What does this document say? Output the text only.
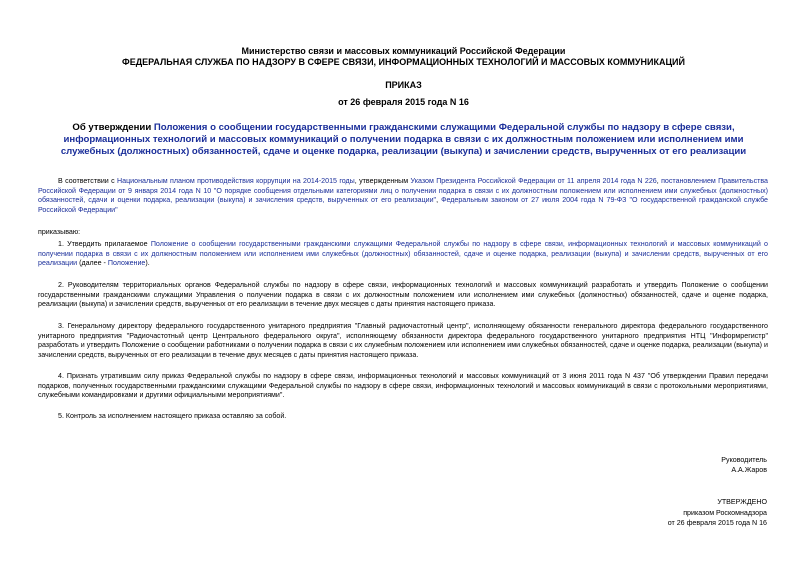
Министерство связи и массовых коммуникаций Российской Федерации
ФЕДЕРАЛЬНАЯ СЛУЖБА ПО НАДЗОРУ В СФЕРЕ СВЯЗИ, ИНФОРМАЦИОННЫХ ТЕХНОЛОГИЙ И МАССОВЫХ КОММУНИКАЦИЙ
ПРИКАЗ
от 26 февраля 2015 года N 16
Об утверждении Положения о сообщении государственными гражданскими служащими Федеральной службы по надзору в сфере связи, информационных технологий и массовых коммуникаций о получении подарка в связи с их должностным положением или исполнением ими служебных (должностных) обязанностей, сдаче и оценке подарка, реализации (выкупа) и зачислении средств, вырученных от его реализации
В соответствии с Национальным планом противодействия коррупции на 2014-2015 годы, утвержденным Указом Президента Российской Федерации от 11 апреля 2014 года N 226, постановлением Правительства Российской Федерации от 9 января 2014 года N 10 "О порядке сообщения отдельными категориями лиц о получении подарка в связи с их должностным положением или исполнением ими служебных (должностных) обязанностей, сдачи и оценки подарка, реализации (выкупа) и зачисления средств, вырученных от его реализации", Федеральным законом от 27 июля 2004 года N 79-ФЗ "О государственной гражданской службе Российской Федерации"
приказываю:
1. Утвердить прилагаемое Положение о сообщении государственными гражданскими служащими Федеральной службы по надзору в сфере связи, информационных технологий и массовых коммуникаций о получении подарка в связи с их должностным положением или исполнением ими служебных (должностных) обязанностей, сдаче и оценке подарка, реализации (выкупа) и зачислении средств, вырученных от его реализации (далее - Положение).
2. Руководителям территориальных органов Федеральной службы по надзору в сфере связи, информационных технологий и массовых коммуникаций разработать и утвердить Положение о сообщении государственными гражданскими служащими Управления о получении подарка в связи с их должностным положением или исполнением ими служебных (должностных) обязанностей, сдаче и оценке подарка, реализации (выкупа) и зачислении средств, вырученных от его реализации в течение двух месяцев с даты принятия настоящего приказа.
3. Генеральному директору федерального государственного унитарного предприятия "Главный радиочастотный центр", исполняющему обязанности генерального директора федерального государственного унитарного предприятия "Радиочастотный центр Центрального федерального округа", исполняющему обязанности директора федерального государственного унитарного предприятия НТЦ "Информрегистр" разработать и утвердить Положение о сообщении работниками о получении подарка в связи с их служебным положением или исполнением ими служебных обязанностей, сдаче и оценке подарка, реализации (выкупа) и зачислении средств, вырученных от его реализации в течение двух месяцев с даты принятия настоящего приказа.
4. Признать утратившим силу приказ Федеральной службы по надзору в сфере связи, информационных технологий и массовых коммуникаций от 3 июня 2011 года N 437 "Об утверждении Правил передачи подарков, полученных государственными гражданскими служащими Федеральной службы по надзору в сфере связи, информационных технологий и массовых коммуникаций в связи с протокольными мероприятиями, служебными командировками и другими официальными мероприятиями".
5. Контроль за исполнением настоящего приказа оставляю за собой.
Руководитель
А.А.Жаров
УТВЕРЖДЕНО
приказом Роскомнадзора
от 26 февраля 2015 года N 16
